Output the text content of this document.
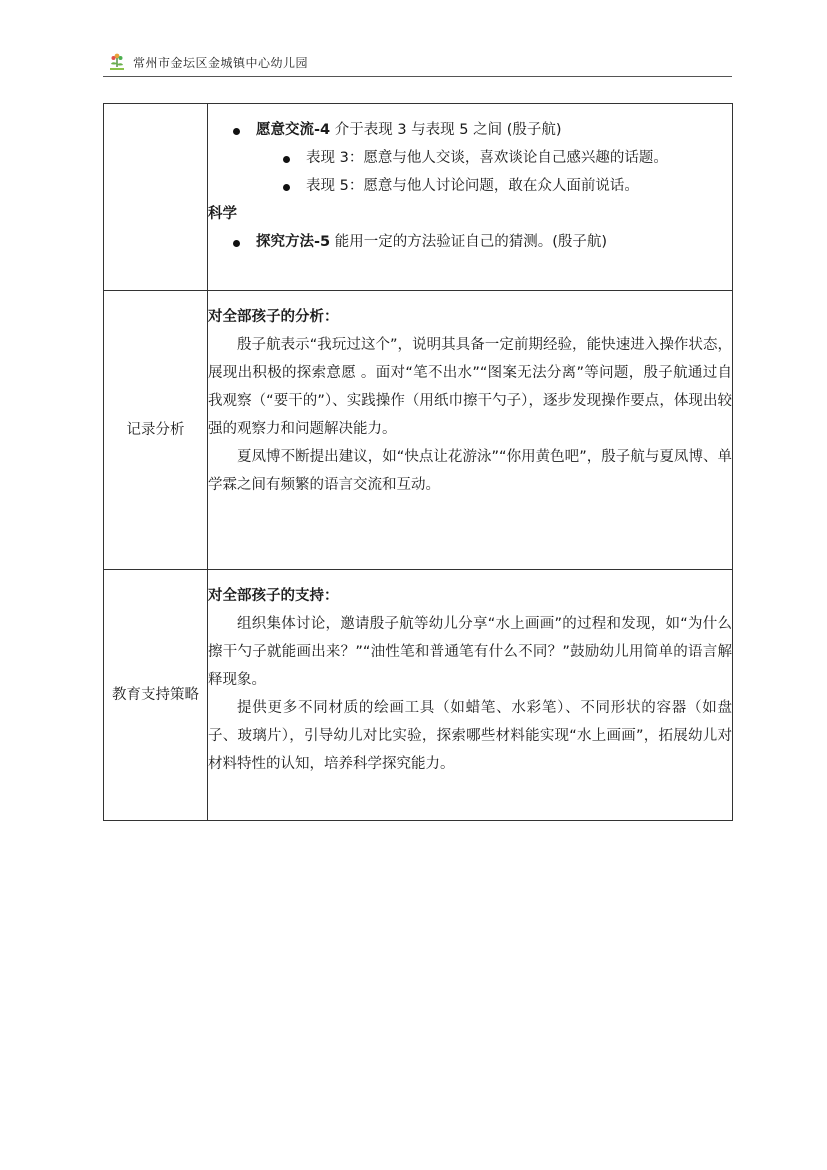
常州市金坛区金城镇中心幼儿园

	愿意交流-4 介于表现 3 与表现 5 之间 (殷子航)
表现 3：愿意与他人交谈，喜欢谈论自己感兴趣的话题。
表现 5：愿意与他人讨论问题，敢在众人面前说话。
科学
探究方法-5 能用一定的方法验证自己的猜测。(殷子航)

记录分析	对全部孩子的分析：

殷子航表示“我玩过这个”，说明其具备一定前期经验，能快速进入操作状态，展现出积极的探索意愿 。面对“笔不出水”“图案无法分离”等问题，殷子航通过自我观察（“要干的”）、实践操作（用纸巾擦干勺子），逐步发现操作要点，体现出较强的观察力和问题解决能力。

夏凤博不断提出建议，如“快点让花游泳”“你用黄色吧”，殷子航与夏凤博、单学霖之间有频繁的语言交流和互动。

教育支持策略	对全部孩子的支持：

组织集体讨论，邀请殷子航等幼儿分享“水上画画”的过程和发现，如“为什么擦干勺子就能画出来？”“油性笔和普通笔有什么不同？”鼓励幼儿用简单的语言解释现象。

提供更多不同材质的绘画工具（如蜡笔、水彩笔）、不同形状的容器（如盘子、玻璃片），引导幼儿对比实验，探索哪些材料能实现“水上画画”，拓展幼儿对材料特性的认知，培养科学探究能力。
